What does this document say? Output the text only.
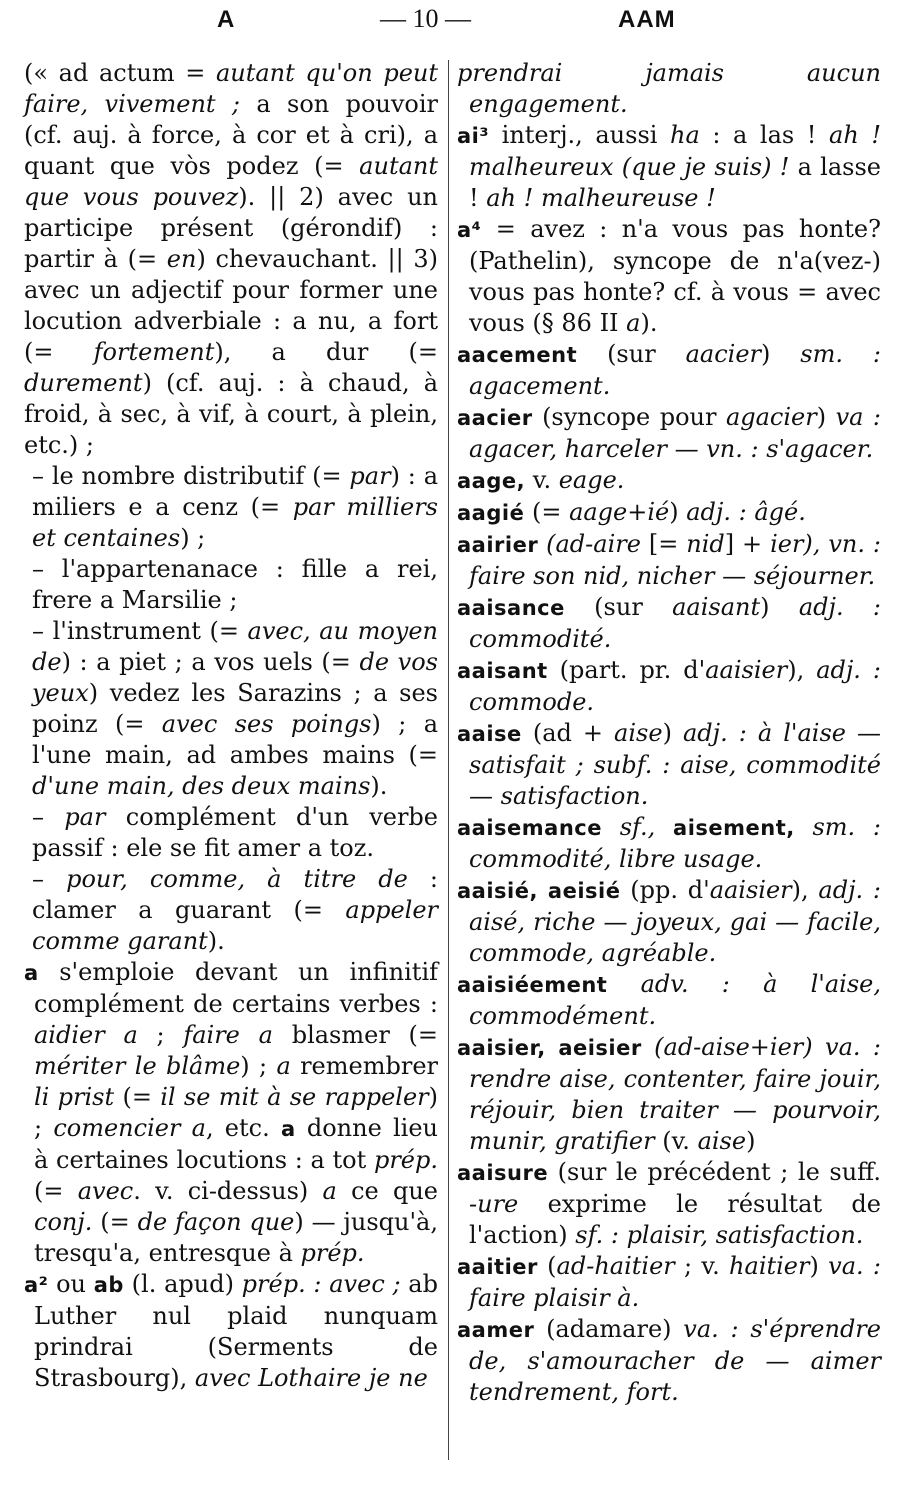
A	— 10 —	AAM

(« ad actum = autant qu'on peut faire, vivement ; a son pouvoir (cf. auj. à force, à cor et à cri), a quant que vòs podez (= autant que vous pouvez). || 2) avec un participe présent (gérondif) : partir à (= en) chevauchant. || 3) avec un adjectif pour former une locution adverbiale : a nu, a fort (= fortement), a dur (= durement) (cf. auj. : à chaud, à froid, à sec, à vif, à court, à plein, etc.) ;

– le nombre distributif (= par) : a miliers e a cenz (= par milliers et centaines) ;

– l'appartenanace : fille a rei, frere a Marsilie ;

– l'instrument (= avec, au moyen de) : a piet ; a vos uels (= de vos yeux) vedez les Sarazins ; a ses poinz (= avec ses poings) ; a l'une main, ad ambes mains (= d'une main, des deux mains).

– par complément d'un verbe passif : ele se fit amer a toz.

– pour, comme, à titre de : clamer a guarant (= appeler comme garant).

a s'emploie devant un infinitif complément de certains verbes : aidier a ; faire a blasmer (= mériter le blâme) ; a remembrer li prist (= il se mit à se rappeler) ; comencier a, etc. a donne lieu à certaines locutions : a tot prép. (= avec. v. ci-dessus) a ce que conj. (= de façon que) — jusqu'à, tresqu'a, entresque à prép.

a² ou ab (l. apud) prép. : avec ; ab Luther nul plaid nunquam prindrai (Serments de Strasbourg), avec Lothaire je ne

prendrai jamais aucun engagement.

ai³ interj., aussi ha : a las ! ah ! malheureux (que je suis) ! a lasse ! ah ! malheureuse !

a⁴ = avez : n'a vous pas honte? (Pathelin), syncope de n'a(vez-) vous pas honte? cf. à vous = avec vous (§ 86 II a).

aacement (sur aacier) sm. : agacement.

aacier (syncope pour agacier) va : agacer, harceler — vn. : s'agacer.

aage, v. eage.

aagié (= aage+ié) adj. : âgé.

aairier (ad-aire [= nid] + ier), vn. : faire son nid, nicher — séjourner.

aaisance (sur aaisant) adj. : commodité.

aaisant (part. pr. d'aaisier), adj. : commode.

aaise (ad + aise) adj. : à l'aise — satisfait ; subf. : aise, commodité — satisfaction.

aaisemance sf., aisement, sm. : commodité, libre usage.

aaisié, aeisié (pp. d'aaisier), adj. : aisé, riche — joyeux, gai — facile, commode, agréable.

aaisiéement adv. : à l'aise, commodément.

aaisier, aeisier (ad-aise+ier) va. : rendre aise, contenter, faire jouir, réjouir, bien traiter — pourvoir, munir, gratifier (v. aise)

aaisure (sur le précédent ; le suff. -ure exprime le résultat de l'action) sf. : plaisir, satisfaction.

aaitier (ad-haitier ; v. haitier) va. : faire plaisir à.

aamer (adamare) va. : s'éprendre de, s'amouracher de — aimer tendrement, fort.
